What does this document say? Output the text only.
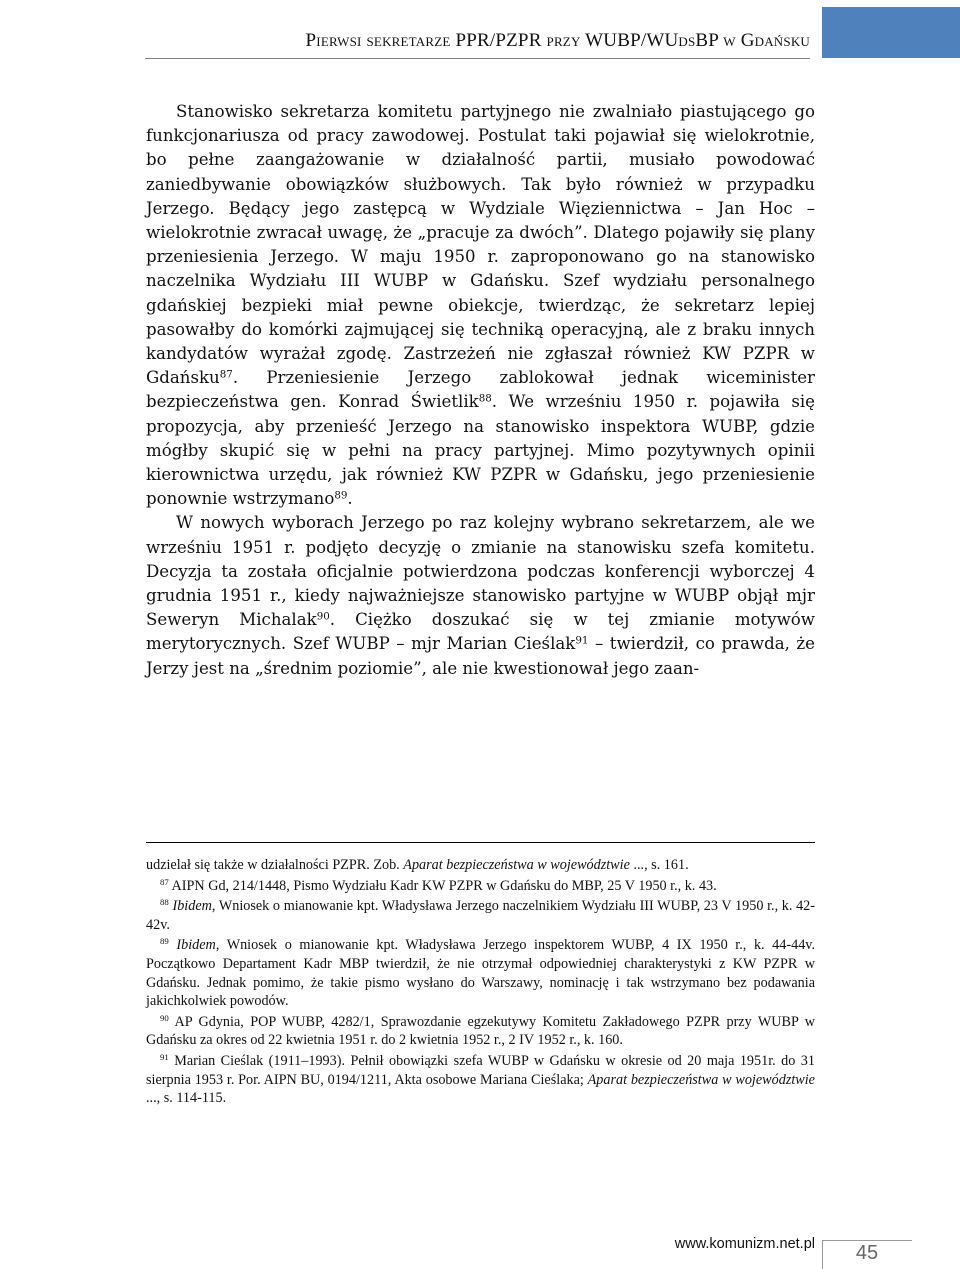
Pierwsi sekretarze PPR/PZPR przy WUBP/WUdsBP w Gdańsku

Stanowisko sekretarza komitetu partyjnego nie zwalniało piastującego go funkcjonariusza od pracy zawodowej. Postulat taki pojawiał się wielokrotnie, bo pełne zaangażowanie w działalność partii, musiało powodować zaniedbywanie obowiązków służbowych. Tak było również w przypadku Jerzego. Będący jego zastępcą w Wydziale Więziennictwa – Jan Hoc – wielokrotnie zwracał uwagę, że „pracuje za dwóch”. Dlatego pojawiły się plany przeniesienia Jerzego. W maju 1950 r. zaproponowano go na stanowisko naczelnika Wydziału III WUBP w Gdańsku. Szef wydziału personalnego gdańskiej bezpieki miał pewne obiekcje, twierdząc, że sekretarz lepiej pasowałby do komórki zajmującej się techniką operacyjną, ale z braku innych kandydatów wyrażał zgodę. Zastrzeżeń nie zgłaszał również KW PZPR w Gdańsku$^{87}$. Przeniesienie Jerzego zablokował jednak wiceminister bezpieczeństwa gen. Konrad Świetlik$^{88}$. We wrześniu 1950 r. pojawiła się propozycja, aby przenieść Jerzego na stanowisko inspektora WUBP, gdzie mógłby skupić się w pełni na pracy partyjnej. Mimo pozytywnych opinii kierownictwa urzędu, jak również KW PZPR w Gdańsku, jego przeniesienie ponownie wstrzymano$^{89}$.

W nowych wyborach Jerzego po raz kolejny wybrano sekretarzem, ale we wrześniu 1951 r. podjęto decyzję o zmianie na stanowisku szefa komitetu. Decyzja ta została oficjalnie potwierdzona podczas konferencji wyborczej 4 grudnia 1951 r., kiedy najważniejsze stanowisko partyjne w WUBP objął mjr Seweryn Michalak$^{90}$. Ciężko doszukać się w tej zmianie motywów merytorycznych. Szef WUBP – mjr Marian Cieślak$^{91}$ – twierdził, co prawda, że Jerzy jest na „średnim poziomie”, ale nie kwestionował jego zaan-

udzielał się także w działalności PZPR. Zob. Aparat bezpieczeństwa w województwie ..., s. 161.

$^{87}$ AIPN Gd, 214/1448, Pismo Wydziału Kadr KW PZPR w Gdańsku do MBP, 25 V 1950 r., k. 43.

$^{88}$ Ibidem, Wniosek o mianowanie kpt. Władysława Jerzego naczelnikiem Wydziału III WUBP, 23 V 1950 r., k. 42-42v.

$^{89}$ Ibidem, Wniosek o mianowanie kpt. Władysława Jerzego inspektorem WUBP, 4 IX 1950 r., k. 44-44v. Początkowo Departament Kadr MBP twierdził, że nie otrzymał odpowiedniej charakterystyki z KW PZPR w Gdańsku. Jednak pomimo, że takie pismo wysłano do Warszawy, nominację i tak wstrzymano bez podawania jakichkolwiek powodów.

$^{90}$ AP Gdynia, POP WUBP, 4282/1, Sprawozdanie egzekutywy Komitetu Zakładowego PZPR przy WUBP w Gdańsku za okres od 22 kwietnia 1951 r. do 2 kwietnia 1952 r., 2 IV 1952 r., k. 160.

$^{91}$ Marian Cieślak (1911–1993). Pełnił obowiązki szefa WUBP w Gdańsku w okresie od 20 maja 1951r. do 31 sierpnia 1953 r. Por. AIPN BU, 0194/1211, Akta osobowe Mariana Cieślaka; Aparat bezpieczeństwa w województwie ..., s. 114-115.

www.komunizm.net.pl	45
